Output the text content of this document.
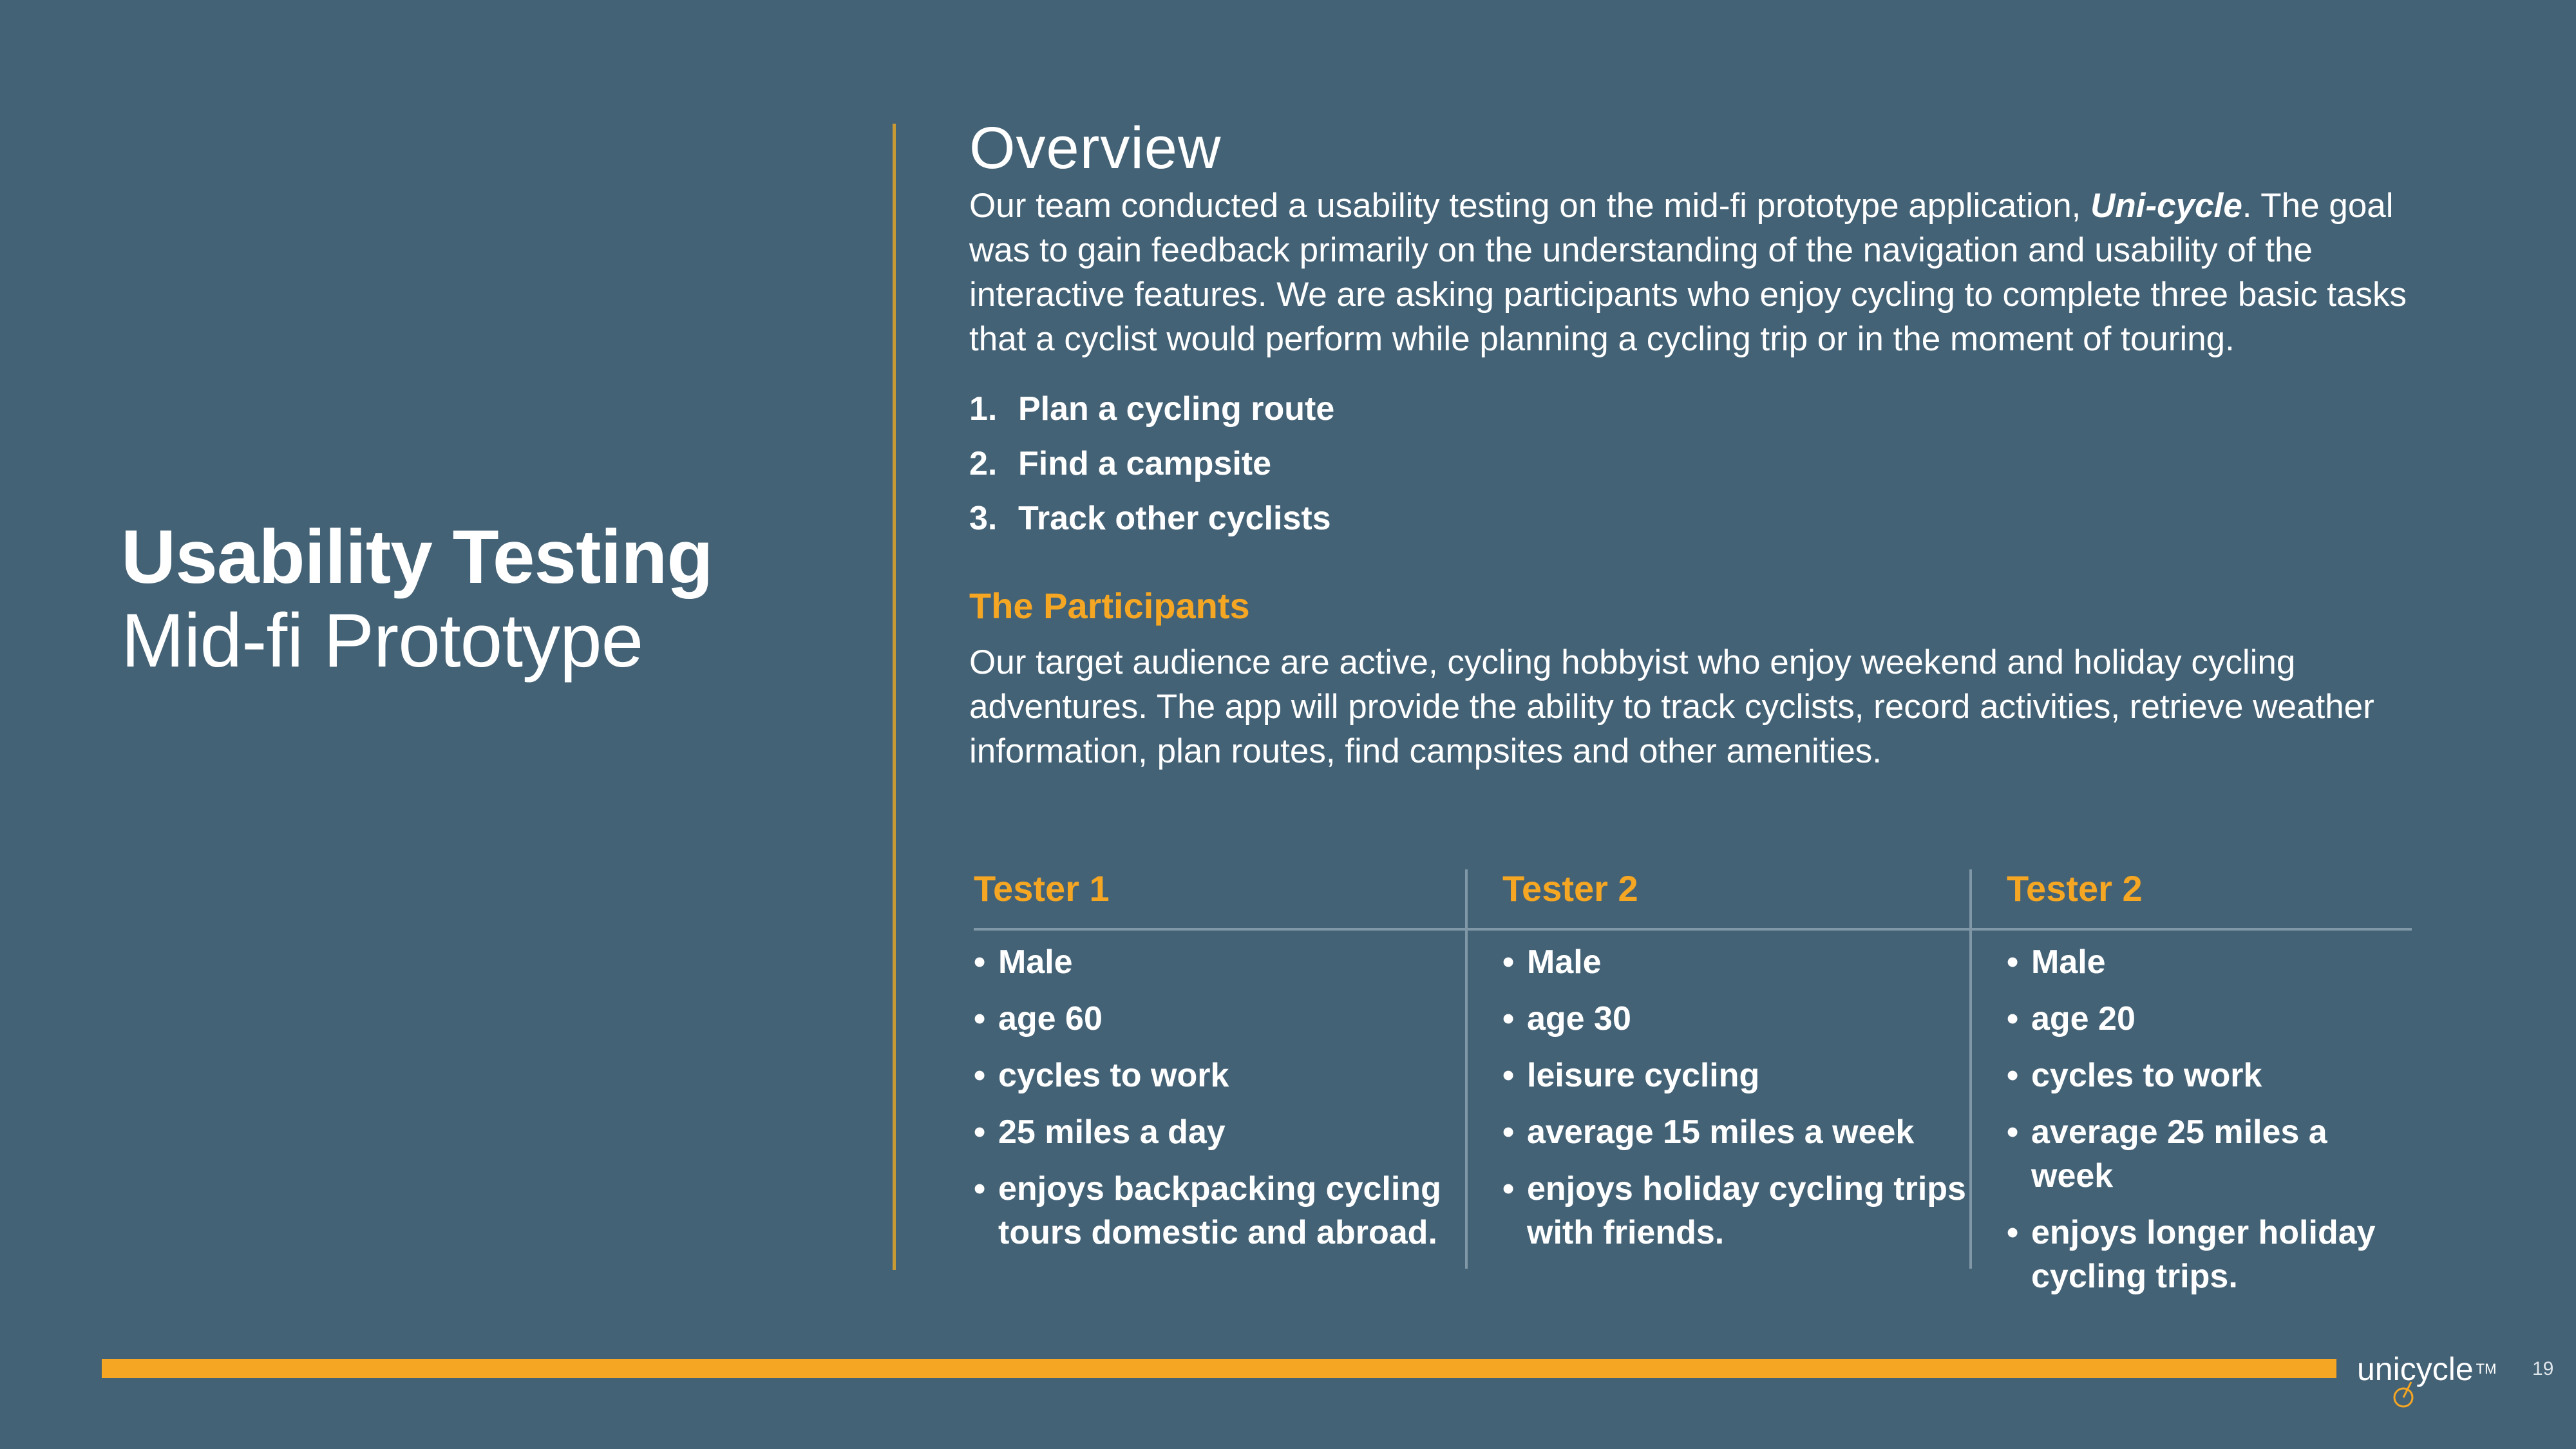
Usability Testing
Mid-fi Prototype
Overview

Our team conducted a usability testing on the mid-fi prototype application, Uni-cycle. The goal was to gain feedback primarily on the understanding of the navigation and usability of the interactive features. We are asking participants who enjoy cycling to complete three basic tasks that a cyclist would perform while planning a cycling trip or in the moment of touring.

1. Plan a cycling route
2. Find a campsite
3. Track other cyclists
The Participants

Our target audience are active, cycling hobbyist who enjoy weekend and holiday cycling adventures. The app will provide the ability to track cyclists, record activities, retrieve weather information, plan routes, find campsites and other amenities.

Tester 1
• Male
• age 60
• cycles to work
• 25 miles a day
• enjoys backpacking cycling tours domestic and abroad.
Tester 2
• Male
• age 30
• leisure cycling
• average 15 miles a week
• enjoys holiday cycling trips with friends.
Tester 2
• Male
• age 20
• cycles to work
• average 25 miles a week
• enjoys longer holiday cycling trips.
unicycle ™ 19
